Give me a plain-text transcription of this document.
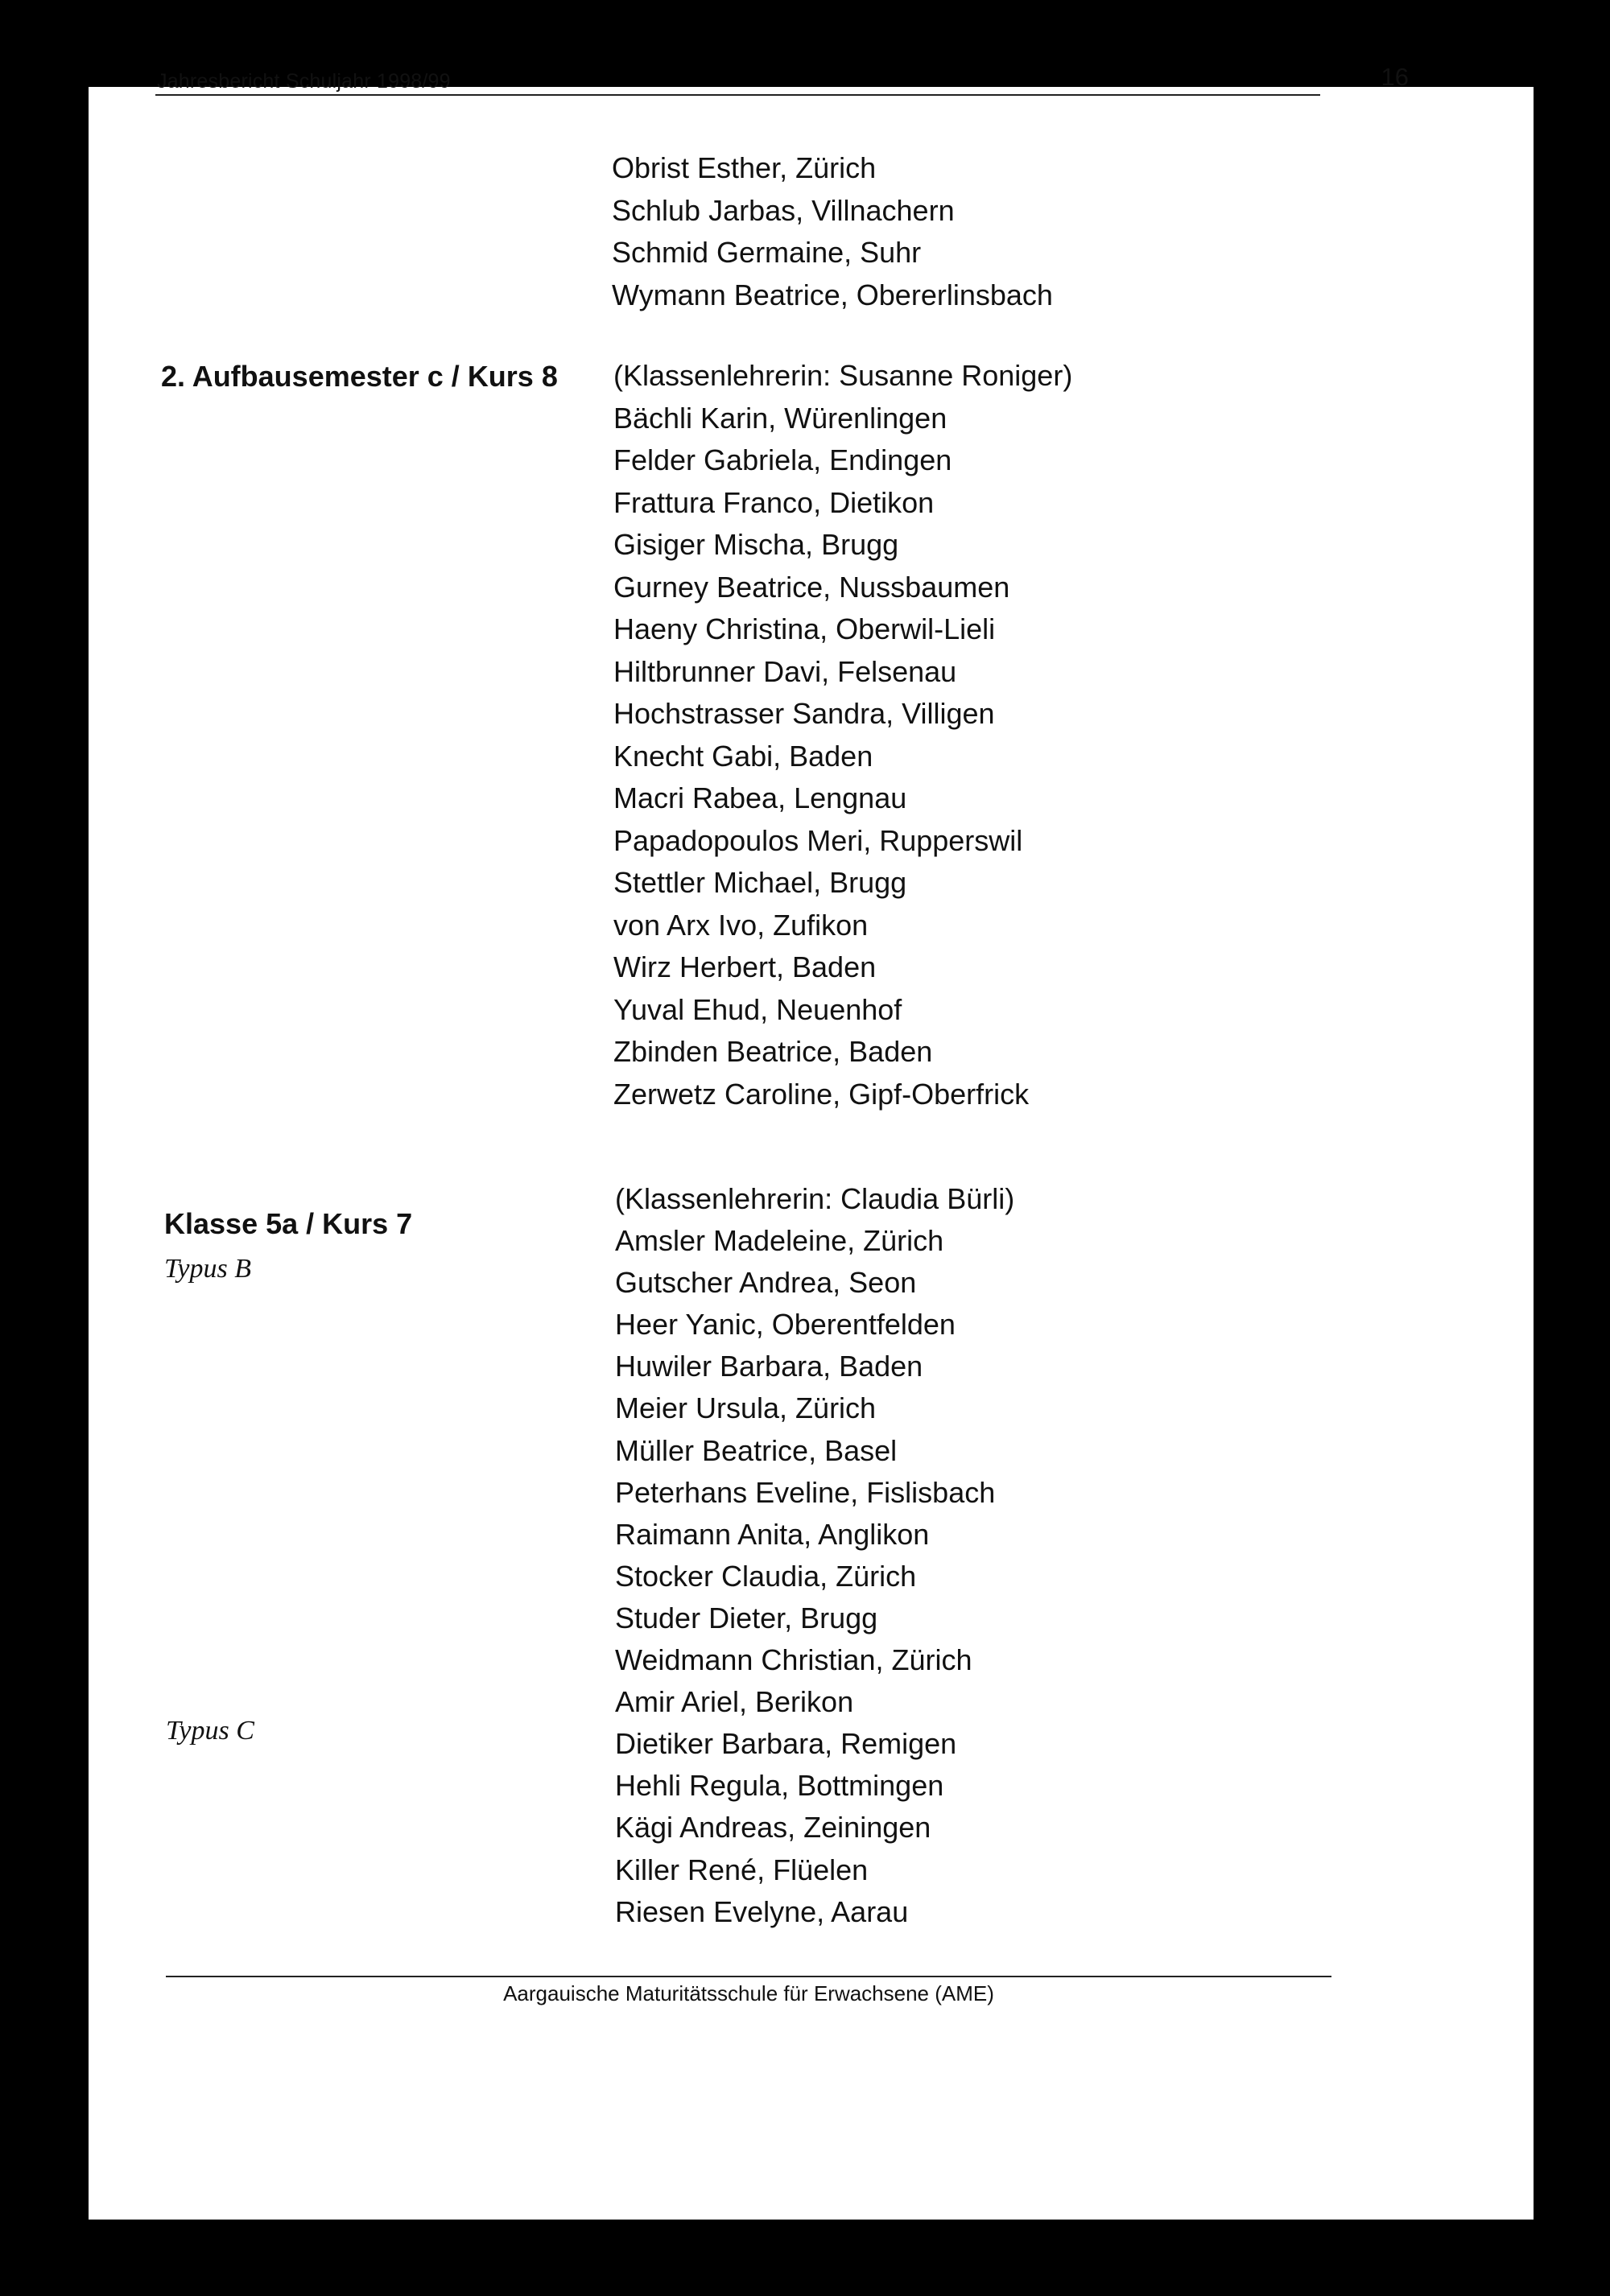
Jahresbericht Schuljahr 1998/99	16
Obrist Esther, Zürich
Schlub Jarbas, Villnachern
Schmid Germaine, Suhr
Wymann Beatrice, Obererlinsbach
2. Aufbausemester c / Kurs 8 (Klassenlehrerin: Susanne Roniger)
Bächli Karin, Würenlingen
Felder Gabriela, Endingen
Frattura Franco, Dietikon
Gisiger Mischa, Brugg
Gurney Beatrice, Nussbaumen
Haeny Christina, Oberwil-Lieli
Hiltbrunner Davi, Felsenau
Hochstrasser Sandra, Villigen
Knecht Gabi, Baden
Macri Rabea, Lengnau
Papadopoulos Meri, Rupperswil
Stettler Michael, Brugg
von Arx Ivo, Zufikon
Wirz Herbert, Baden
Yuval Ehud, Neuenhof
Zbinden Beatrice, Baden
Zerwetz Caroline, Gipf-Oberfrick
Klasse 5a / Kurs 7
Typus B
Typus C
(Klassenlehrerin: Claudia Bürli)
Amsler Madeleine, Zürich
Gutscher Andrea, Seon
Heer Yanic, Oberentfelden
Huwiler Barbara, Baden
Meier Ursula, Zürich
Müller Beatrice, Basel
Peterhans Eveline, Fislisbach
Raimann Anita, Anglikon
Stocker Claudia, Zürich
Studer Dieter, Brugg
Weidmann Christian, Zürich
Amir Ariel, Berikon
Dietiker Barbara, Remigen
Hehli Regula, Bottmingen
Kägi Andreas, Zeiningen
Killer René, Flüelen
Riesen Evelyne, Aarau
Aargauische Maturitätsschule für Erwachsene (AME)
